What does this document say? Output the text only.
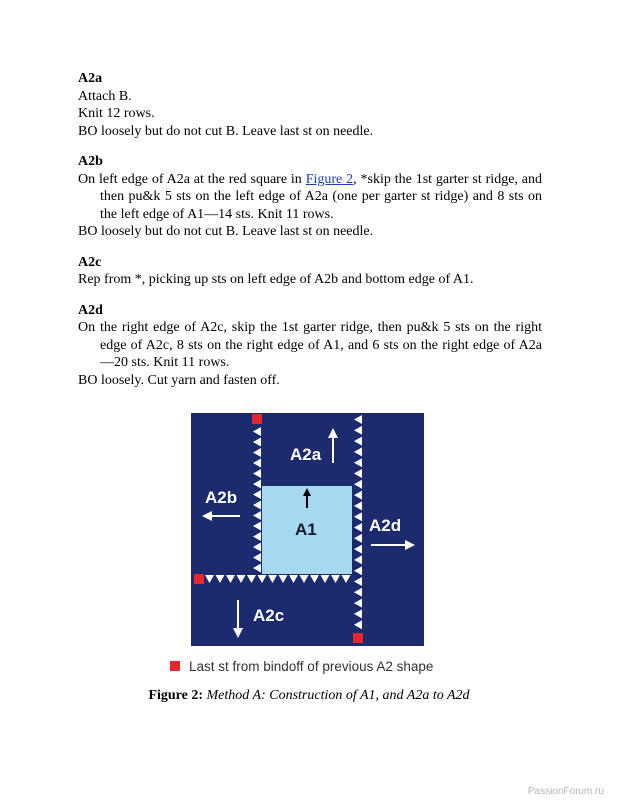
A2a
Attach B.
Knit 12 rows.
BO loosely but do not cut B. Leave last st on needle.
A2b
On left edge of A2a at the red square in Figure 2, *skip the 1st garter st ridge, and then pu&k 5 sts on the left edge of A2a (one per garter st ridge) and 8 sts on the left edge of A1—14 sts. Knit 11 rows.
BO loosely but do not cut B. Leave last st on needle.
A2c
Rep from *, picking up sts on left edge of A2b and bottom edge of A1.
A2d
On the right edge of A2c, skip the 1st garter ridge, then pu&k 5 sts on the right edge of A2c, 8 sts on the right edge of A1, and 6 sts on the right edge of A2a—20 sts. Knit 11 rows.
BO loosely. Cut yarn and fasten off.
A2a
A2b
A1	A2d
A2c
Last st from bindoff of previous A2 shape
Figure 2: Method A: Construction of A1, and A2a to A2d
PassionForum.ru
